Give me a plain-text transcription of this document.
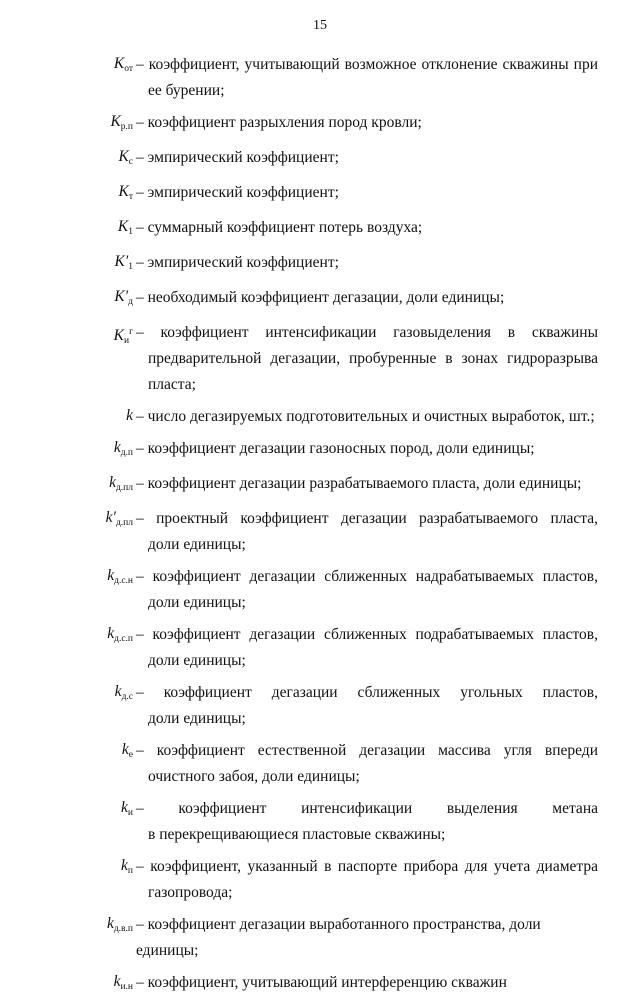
15
$K_{от}$ – коэффициент, учитывающий возможное отклонение скважины при
ее бурении;

$K_{р.п}$ – коэффициент разрыхления пород кровли;

$K_с$ – эмпирический коэффициент;

$K_т$ – эмпирический коэффициент;

$K_1$ – суммарный коэффициент потерь воздуха;

$K'_1$ – эмпирический коэффициент;

$K'_д$ – необходимый коэффициент дегазации, доли единицы;

$K_и^г$ – коэффициент интенсификации газовыделения в скважины
предварительной дегазации, пробуренные в зонах гидроразрыва
пласта;

k – число дегазируемых подготовительных и очистных выработок, шт.;

$k_{д.п}$ – коэффициент дегазации газоносных пород, доли единицы;

$k_{д.пл}$ – коэффициент дегазации разрабатываемого пласта, доли единицы;

$k'_{д.пл}$ – проектный коэффициент дегазации разрабатываемого пласта,
доли единицы;

$k_{д.с.н}$ – коэффициент дегазации сближенных надрабатываемых пластов,
доли единицы;

$k_{д.с.п}$ – коэффициент дегазации сближенных подрабатываемых пластов,
доли единицы;

$k_{д.с}$ – коэффициент дегазации сближенных угольных пластов,
доли единицы;

$k_е$ – коэффициент естественной дегазации массива угля впереди
очистного забоя, доли единицы;

$k_и$ – коэффициент интенсификации выделения метана
в перекрещивающиеся пластовые скважины;

$k_п$ – коэффициент, указанный в паспорте прибора для учета диаметра
газопровода;

$k_{д.в.п}$ – коэффициент дегазации выработанного пространства, доли единицы;

$k_{и.н}$ – коэффициент, учитывающий интерференцию скважин
